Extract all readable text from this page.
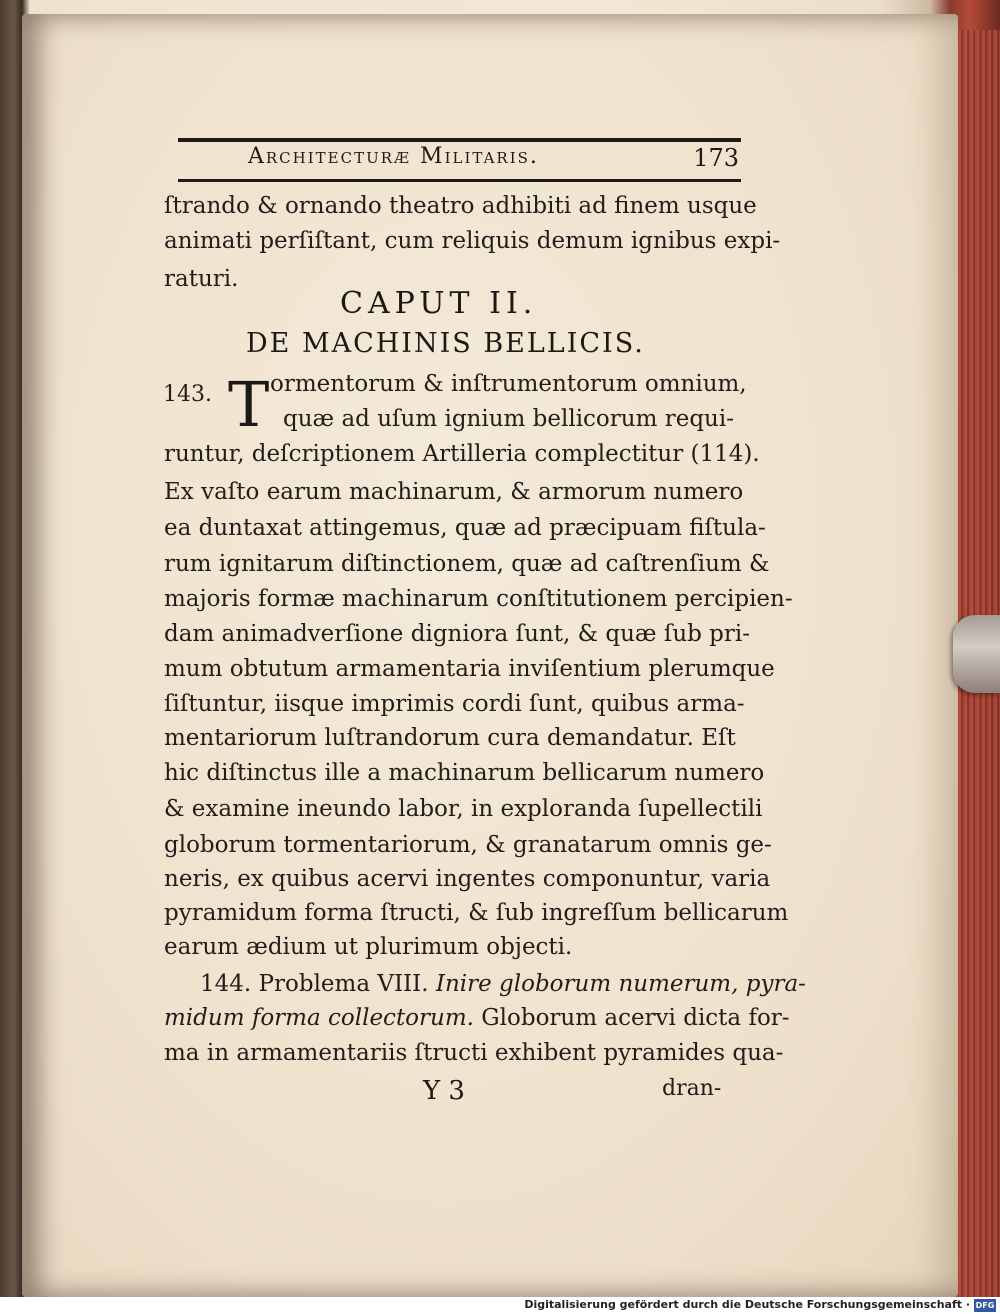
Architecturæ Militaris.	173
ſtrando & ornando theatro adhibiti ad finem usque
animati perſiſtant, cum reliquis demum ignibus expi-
raturi.
CAPUT II.
DE MACHINIS BELLICIS.
143. T ormentorum & inſtrumentorum omnium,
quæ ad uſum ignium bellicorum requi-
runtur, deſcriptionem Artilleria complectitur (114).
Ex vaſto earum machinarum, & armorum numero
ea duntaxat attingemus, quæ ad præcipuam fiſtula-
rum ignitarum diſtinctionem, quæ ad caſtrenſium &
majoris formæ machinarum conſtitutionem percipien-
dam animadverſione digniora ſunt, & quæ ſub pri-
mum obtutum armamentaria inviſentium plerumque
ſiſtuntur, iisque imprimis cordi ſunt, quibus arma-
mentariorum luſtrandorum cura demandatur. Eſt
hic diſtinctus ille a machinarum bellicarum numero
& examine ineundo labor, in exploranda ſupellectili
globorum tormentariorum, & granatarum omnis ge-
neris, ex quibus acervi ingentes componuntur, varia
pyramidum forma ſtructi, & ſub ingreſſum bellicarum
earum ædium ut plurimum objecti.
144. Problema VIII. Inire globorum numerum, pyra-
midum forma collectorum. Globorum acervi dicta for-
ma in armamentariis ſtructi exhibent pyramides qua-
Y 3	dran-
Digitalisierung gefördert durch die Deutsche Forschungsgemeinschaft · DFG
